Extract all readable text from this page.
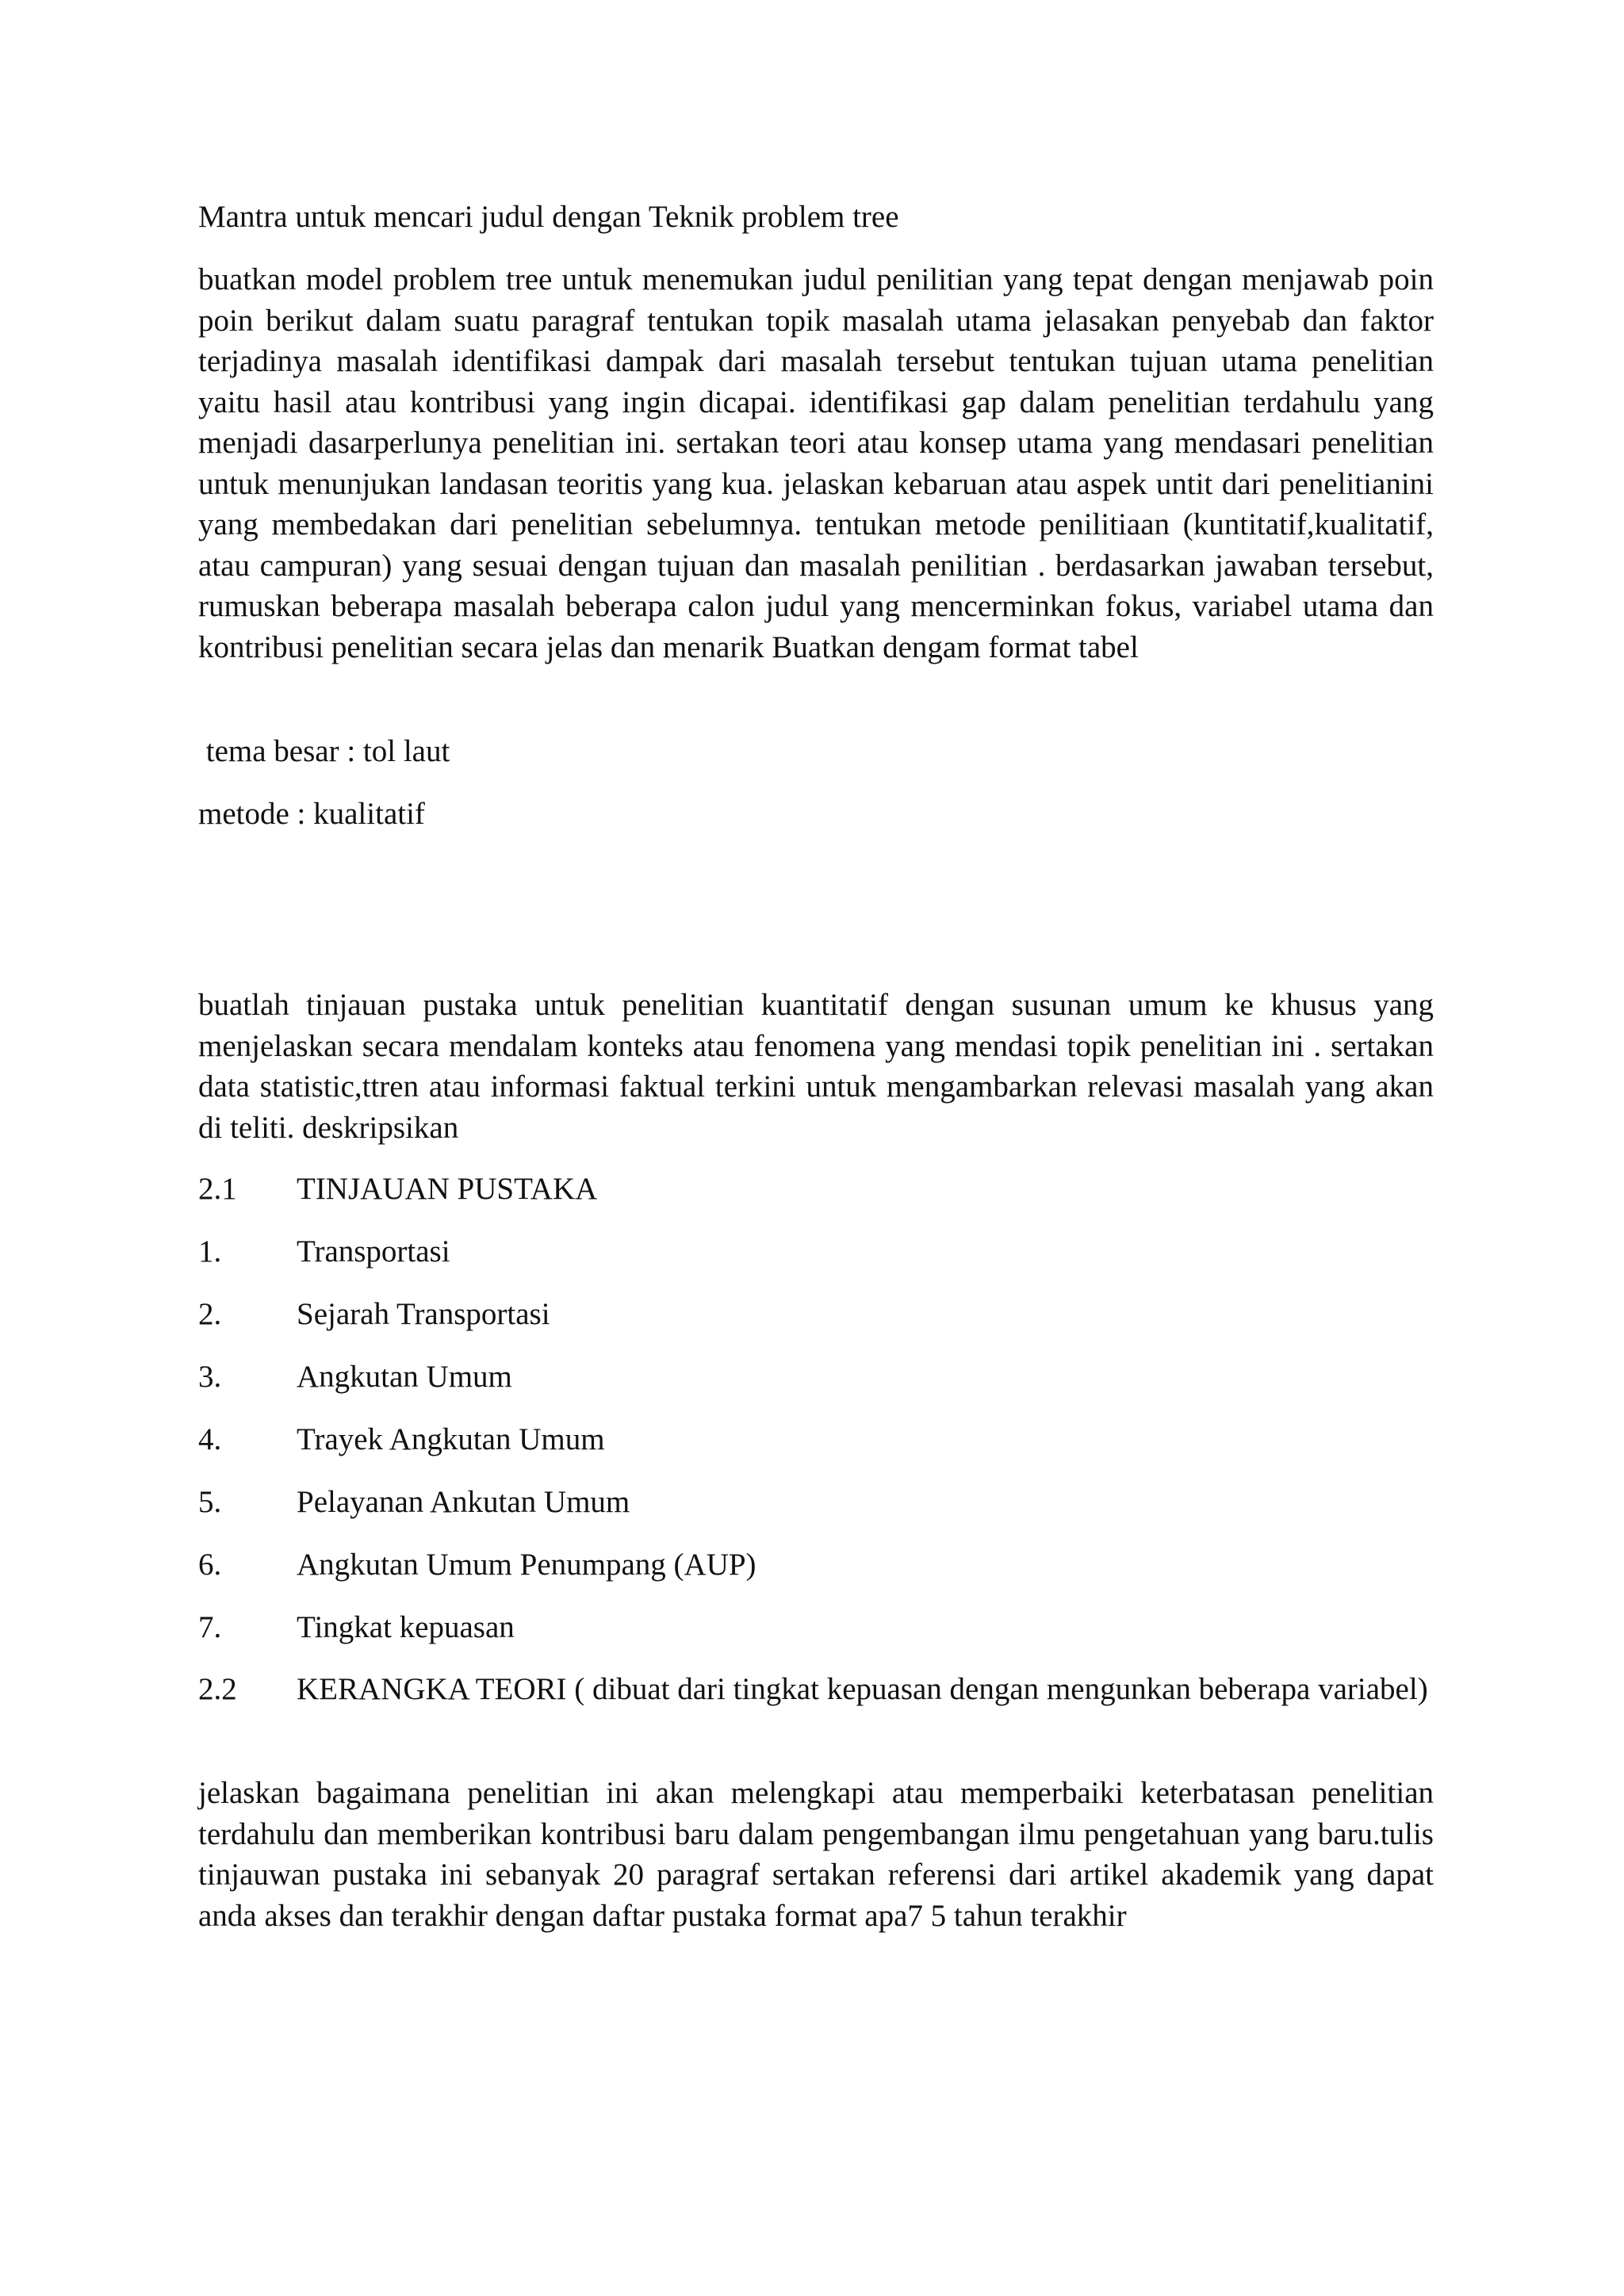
Mantra untuk mencari judul dengan Teknik problem tree

buatkan model problem tree untuk menemukan judul penilitian yang tepat dengan menjawab poin poin berikut dalam suatu paragraf tentukan topik masalah utama jelasakan penyebab dan faktor terjadinya masalah identifikasi dampak dari masalah tersebut tentukan tujuan utama penelitian yaitu hasil atau kontribusi yang ingin dicapai. identifikasi gap dalam penelitian terdahulu yang menjadi dasarperlunya penelitian ini. sertakan teori atau konsep utama yang mendasari penelitian untuk menunjukan landasan teoritis yang kua. jelaskan kebaruan atau aspek untit dari penelitianini yang membedakan dari penelitian sebelumnya. tentukan metode penilitiaan (kuntitatif,kualitatif, atau campuran) yang sesuai dengan tujuan dan masalah penilitian . berdasarkan jawaban tersebut, rumuskan beberapa masalah beberapa calon judul yang mencerminkan fokus, variabel utama dan kontribusi penelitian secara jelas dan menarik Buatkan dengam format tabel

tema besar : tol laut

metode : kualitatif

buatlah tinjauan pustaka untuk penelitian kuantitatif dengan susunan umum ke khusus yang menjelaskan secara mendalam konteks atau fenomena yang mendasi topik penelitian ini . sertakan data statistic,ttren atau informasi faktual terkini untuk mengambarkan relevasi masalah yang akan di teliti. deskripsikan

2.1	TINJAUAN PUSTAKA
1.	Transportasi
2.	Sejarah Transportasi
3.	Angkutan Umum
4.	Trayek Angkutan Umum
5.	Pelayanan Ankutan Umum
6.	Angkutan Umum Penumpang (AUP)
7.	Tingkat kepuasan
2.2 KERANGKA TEORI ( dibuat dari tingkat kepuasan dengan mengunkan beberapa variabel)

jelaskan bagaimana penelitian ini akan melengkapi atau memperbaiki keterbatasan penelitian terdahulu dan memberikan kontribusi baru dalam pengembangan ilmu pengetahuan yang baru.tulis tinjauwan pustaka ini sebanyak 20 paragraf sertakan referensi dari artikel akademik yang dapat anda akses dan terakhir dengan daftar pustaka format apa7 5 tahun terakhir
